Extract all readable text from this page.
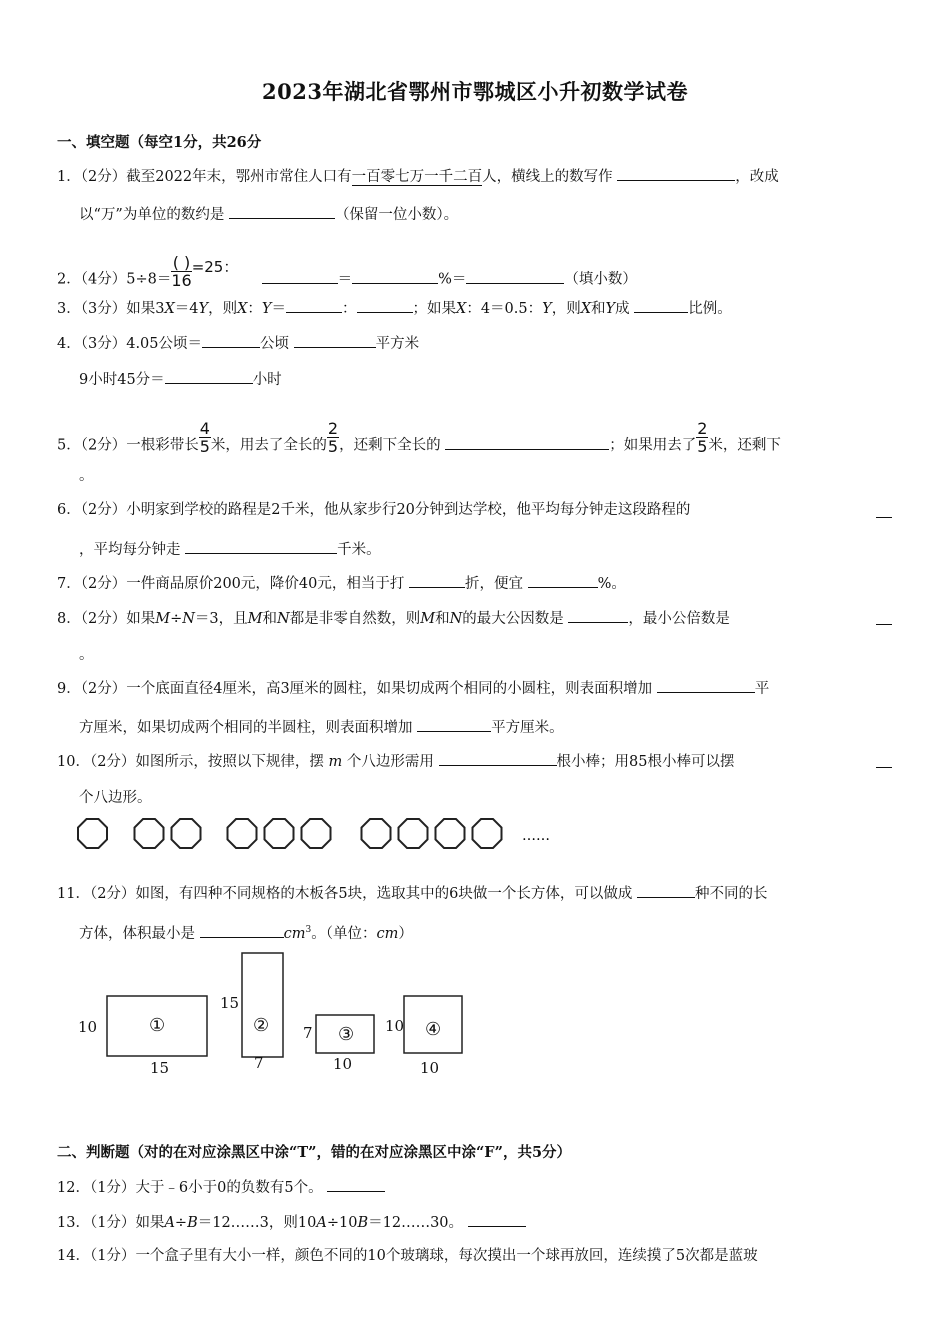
2023年湖北省鄂州市鄂城区小升初数学试卷
一、填空题（每空1分，共26分
1．（2分）截至2022年末，鄂州市常住人口有一百零七万一千二百人，横线上的数写作	，改成
以“万”为单位的数约是	（保留一位小数）。
2．（4分）$5\div 8= \frac{( )}{16} =25$：  ＝	%＝	（填小数）
3．（3分）如果3X＝4Y，则X：Y＝	：	；如果X：4＝0.5：Y，则X和Y成	比例。
4．（3分）4.05公顷＝	公顷	平方米
9小时45分＝	小时
5．（2分）一根彩带长 $\frac{4}{5}$ 米，用去了全长的 $\frac{2}{5}$ ，还剩下全长的	；如果用去了 $\frac{2}{5}$ 米，还剩下
。
6．（2分）小明家到学校的路程是2千米，他从家步行20分钟到达学校，他平均每分钟走这段路程的
，平均每分钟走	千米。
7．（2分）一件商品原价200元，降价40元，相当于打	折，便宜	%。
8．（2分）如果M÷N＝3，且M和N都是非零自然数，则M和N的最大公因数是	，最小公倍数是
。
9．（2分）一个底面直径4厘米，高3厘米的圆柱，如果切成两个相同的小圆柱，则表面积增加	平
方厘米，如果切成两个相同的半圆柱，则表面积增加	平方厘米。
10．（2分）如图所示，按照以下规律，摆 m 个八边形需用	根小棒；用85根小棒可以摆
个八边形。
……
11．（2分）如图，有四种不同规格的木板各5块，选取其中的6块做一个长方体，可以做成	种不同的长
方体，体积最小是	$cm^3$。（单位：cm）
10
15
①
15
7
② 7
10
③ 10
10
④
二、判断题（对的在对应涂黑区中涂“T”，错的在对应涂黑区中涂“F”，共5分）
12．（1分）大于﹣6小于0的负数有5个。
13．（1分）如果A÷B＝12……3，则10A÷10B＝12……30。
14．（1分）一个盒子里有大小一样，颜色不同的10个玻璃球，每次摸出一个球再放回，连续摸了5次都是蓝玻
